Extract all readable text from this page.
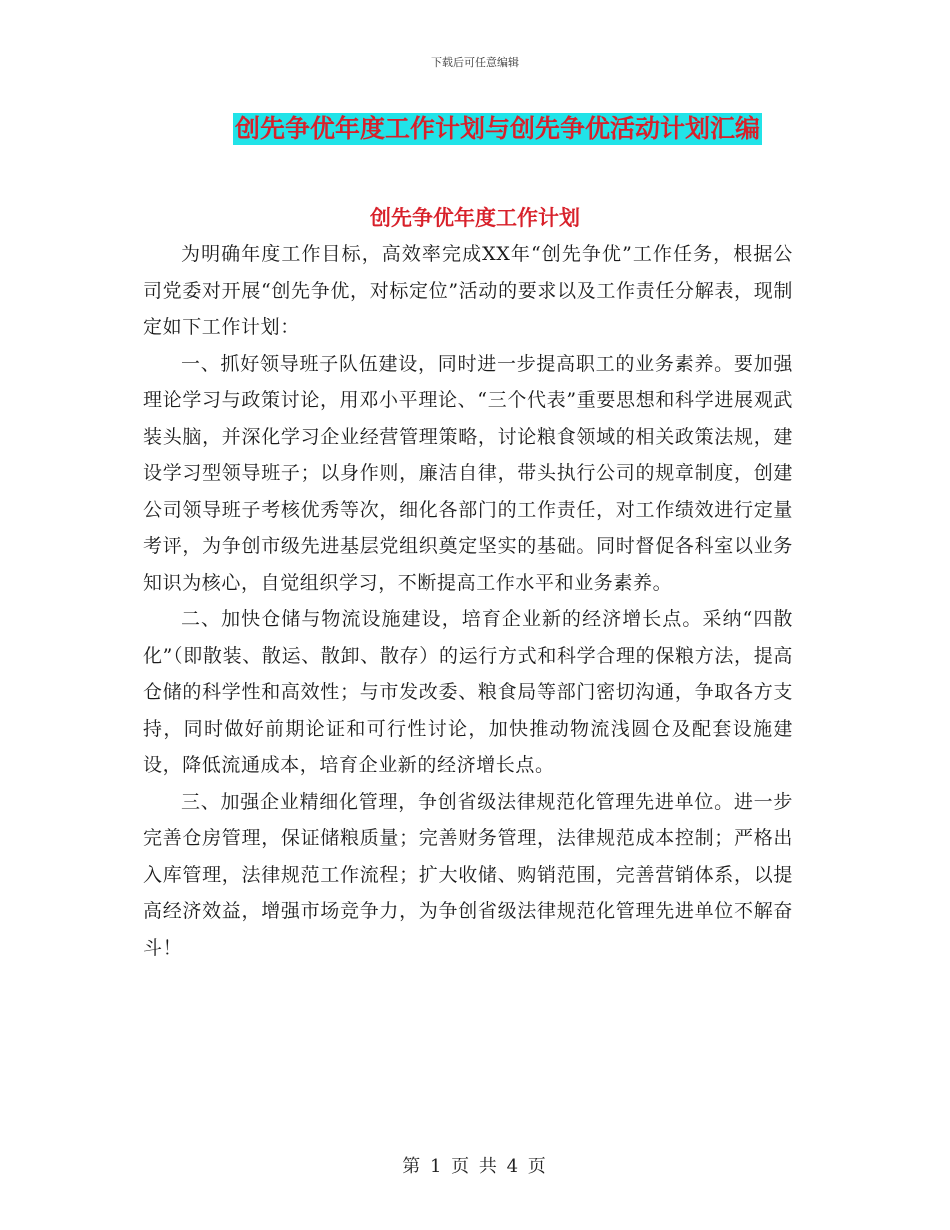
下载后可任意编辑
创先争优年度工作计划与创先争优活动计划汇编
创先争优年度工作计划

为明确年度工作目标，高效率完成XX年“创先争优”工作任务，根据公司党委对开展“创先争优，对标定位”活动的要求以及工作责任分解表，现制定如下工作计划：

一、抓好领导班子队伍建设，同时进一步提高职工的业务素养。要加强理论学习与政策讨论，用邓小平理论、“三个代表”重要思想和科学进展观武装头脑，并深化学习企业经营管理策略，讨论粮食领域的相关政策法规，建设学习型领导班子；以身作则，廉洁自律，带头执行公司的规章制度，创建公司领导班子考核优秀等次，细化各部门的工作责任，对工作绩效进行定量考评，为争创市级先进基层党组织奠定坚实的基础。同时督促各科室以业务知识为核心，自觉组织学习，不断提高工作水平和业务素养。

二、加快仓储与物流设施建设，培育企业新的经济增长点。采纳“四散化”（即散装、散运、散卸、散存）的运行方式和科学合理的保粮方法，提高仓储的科学性和高效性；与市发改委、粮食局等部门密切沟通，争取各方支持，同时做好前期论证和可行性讨论，加快推动物流浅圆仓及配套设施建设，降低流通成本，培育企业新的经济增长点。

三、加强企业精细化管理，争创省级法律规范化管理先进单位。进一步完善仓房管理，保证储粮质量；完善财务管理，法律规范成本控制；严格出入库管理，法律规范工作流程；扩大收储、购销范围，完善营销体系，以提高经济效益，增强市场竞争力，为争创省级法律规范化管理先进单位不解奋斗！

第 1 页 共 4 页
